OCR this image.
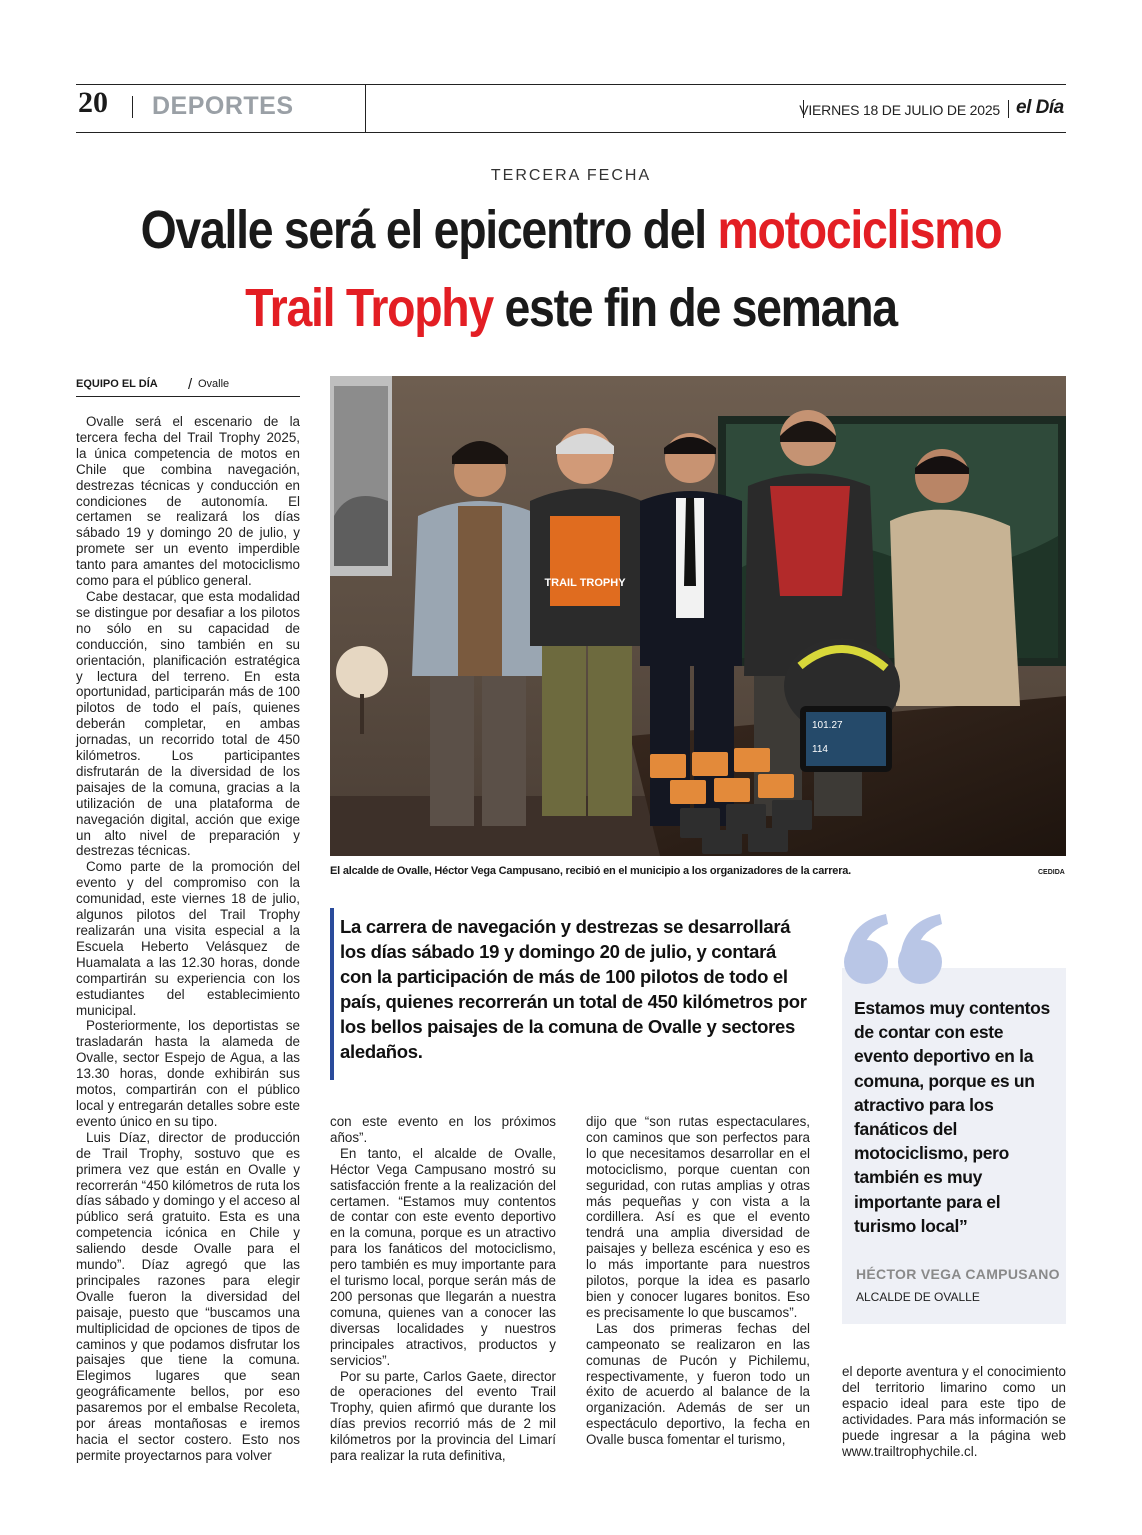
20 DEPORTES	VIERNES 18 DE JULIO DE 2025 el Día
TERCERA FECHA
Ovalle será el epicentro del motociclismo
Trail Trophy este fin de semana
EQUIPO EL DÍA / Ovalle

Ovalle será el escenario de la tercera fecha del Trail Trophy 2025, la única competencia de motos en Chile que combina navegación, destrezas técnicas y conducción en condiciones de autonomía. El certamen se realizará los días sábado 19 y domingo 20 de julio, y promete ser un evento imperdible tanto para amantes del motociclismo como para el público general.

Cabe destacar, que esta modalidad se distingue por desafiar a los pilotos no sólo en su capacidad de conducción, sino también en su orientación, planificación estratégica y lectura del terreno. En esta oportunidad, participarán más de 100 pilotos de todo el país, quienes deberán completar, en ambas jornadas, un recorrido total de 450 kilómetros. Los participantes disfrutarán de la diversidad de los paisajes de la comuna, gracias a la utilización de una plataforma de navegación digital, acción que exige un alto nivel de preparación y destrezas técnicas.

Como parte de la promoción del evento y del compromiso con la comunidad, este viernes 18 de julio, algunos pilotos del Trail Trophy realizarán una visita especial a la Escuela Heberto Velásquez de Huamalata a las 12.30 horas, donde compartirán su experiencia con los estudiantes del establecimiento municipal.

Posteriormente, los deportistas se trasladarán hasta la alameda de Ovalle, sector Espejo de Agua, a las 13.30 horas, donde exhibirán sus motos, compartirán con el público local y entregarán detalles sobre este evento único en su tipo.

Luis Díaz, director de producción de Trail Trophy, sostuvo que es primera vez que están en Ovalle y recorrerán “450 kilómetros de ruta los días sábado y domingo y el acceso al público será gratuito. Esta es una competencia icónica en Chile y saliendo desde Ovalle para el mundo”. Díaz agregó que las principales razones para elegir Ovalle fueron la diversidad del paisaje, puesto que “buscamos una multiplicidad de opciones de tipos de caminos y que podamos disfrutar los paisajes que tiene la comuna. Elegimos lugares que sean geográficamente bellos, por eso pasaremos por el embalse Recoleta, por áreas montañosas e iremos hacia el sector costero. Esto nos permite proyectarnos para volver

TRAIL TROPHY
101.27
114
El alcalde de Ovalle, Héctor Vega Campusano, recibió en el municipio a los organizadores de la carrera.	CEDIDA
La carrera de navegación y destrezas se desarrollará los días sábado 19 y domingo 20 de julio, y contará con la participación de más de 100 pilotos de todo el país, quienes recorrerán un total de 450 kilómetros por los bellos paisajes de la comuna de Ovalle y sectores aledaños.
Estamos muy contentos de contar con este evento deportivo en la comuna, porque es un atractivo para los fanáticos del motociclismo, pero también es muy importante para el turismo local”
HÉCTOR VEGA CAMPUSANO
ALCALDE DE OVALLE

con este evento en los próximos años”.

En tanto, el alcalde de Ovalle, Héctor Vega Campusano mostró su satisfacción frente a la realización del certamen. “Estamos muy contentos de contar con este evento deportivo en la comuna, porque es un atractivo para los fanáticos del motociclismo, pero también es muy importante para el turismo local, porque serán más de 200 personas que llegarán a nuestra comuna, quienes van a conocer las diversas localidades y nuestros principales atractivos, productos y servicios”.

Por su parte, Carlos Gaete, director de operaciones del evento Trail Trophy, quien afirmó que durante los días previos recorrió más de 2 mil kilómetros por la provincia del Limarí para realizar la ruta definitiva,

dijo que “son rutas espectaculares, con caminos que son perfectos para lo que necesitamos desarrollar en el motociclismo, porque cuentan con seguridad, con rutas amplias y otras más pequeñas y con vista a la cordillera. Así es que el evento tendrá una amplia diversidad de paisajes y belleza escénica y eso es lo más importante para nuestros pilotos, porque la idea es pasarlo bien y conocer lugares bonitos. Eso es precisamente lo que buscamos”.

Las dos primeras fechas del campeonato se realizaron en las comunas de Pucón y Pichilemu, respectivamente, y fueron todo un éxito de acuerdo al balance de la organización. Además de ser un espectáculo deportivo, la fecha en Ovalle busca fomentar el turismo,

el deporte aventura y el conocimiento del territorio limarino como un espacio ideal para este tipo de actividades. Para más información se puede ingresar a la página web www.trailtrophychile.cl.
